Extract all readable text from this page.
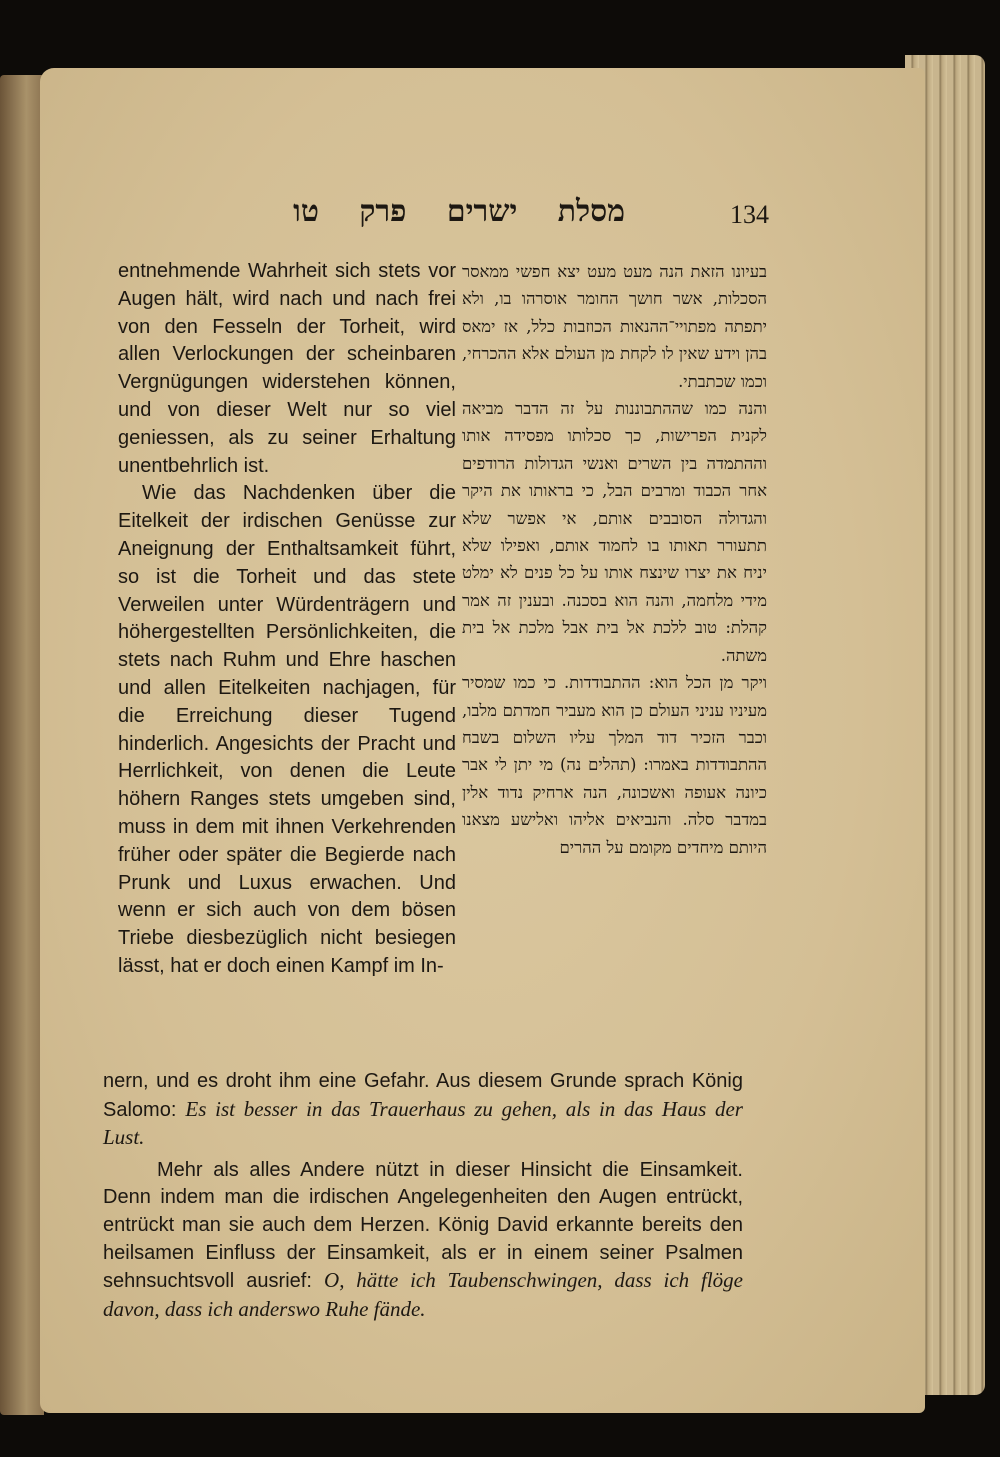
מסלת ישרים פרק טו	134

entnehmende Wahrheit sich stets vor Augen hält, wird nach und nach frei von den Fesseln der Torheit, wird allen Verlockungen der scheinbaren Vergnügungen widerstehen können, und von dieser Welt nur so viel geniessen, als zu seiner Erhaltung unentbehrlich ist.

Wie das Nachdenken über die Eitelkeit der irdischen Genüsse zur Aneignung der Enthaltsamkeit führt, so ist die Torheit und das stete Verweilen unter Würdenträgern und höhergestellten Persönlichkeiten, die stets nach Ruhm und Ehre haschen und allen Eitelkeiten nachjagen, für die Erreichung dieser Tugend hinderlich. Angesichts der Pracht und Herrlichkeit, von denen die Leute höhern Ranges stets umgeben sind, muss in dem mit ihnen Verkehrenden früher oder später die Begierde nach Prunk und Luxus erwachen. Und wenn er sich auch von dem bösen Triebe diesbezüglich nicht besiegen lässt, hat er doch einen Kampf im In-

בעיונו הזאת הנה מעט מעט יצא חפשי ממאסר הסכלות, אשר חושך החומר אוסרהו בו, ולא יתפתה מפתויי־ההנאות הכוזבות כלל, אז ימאס בהן וידע שאין לו לקחת מן העולם אלא ההכרחי, וכמו שכתבתי.

והנה כמו שההתבוננות על זה הדבר מביאה לקנית הפרישות, כך סכלותו מפסידה אותו וההתמדה בין השרים ואנשי הגדולות הרודפים אחר הכבוד ומרבים הבל, כי בראותו את היקר והגדולה הסובבים אותם, אי אפשר שלא תתעורר תאותו בו לחמוד אותם, ואפילו שלא יניח את יצרו שינצח אותו על כל פנים לא ימלט מידי מלחמה, והנה הוא בסכנה. ובענין זה אמר קהלת: טוב ללכת אל בית אבל מלכת אל בית משתה.

ויקר מן הכל הוא: ההתבודדות. כי כמו שמסיר מעיניו עניני העולם כן הוא מעביר חמדתם מלבו, וכבר הזכיר דוד המלך עליו השלום בשבח ההתבודדות באמרו: (תהלים נה) מי יתן לי אבר כיונה אעופה ואשכונה, הנה ארחיק נדוד אלין במדבר סלה. והנביאים אליהו ואלישע מצאנו היותם מיחדים מקומם על ההרים

nern, und es droht ihm eine Gefahr. Aus diesem Grunde sprach König Salomo: Es ist besser in das Trauerhaus zu gehen, als in das Haus der Lust.

Mehr als alles Andere nützt in dieser Hinsicht die Einsamkeit. Denn indem man die irdischen Angelegenheiten den Augen entrückt, entrückt man sie auch dem Herzen. König David erkannte bereits den heilsamen Einfluss der Einsamkeit, als er in einem seiner Psalmen sehnsuchtsvoll ausrief: O, hätte ich Taubenschwingen, dass ich flöge davon, dass ich anderswo Ruhe fände.
